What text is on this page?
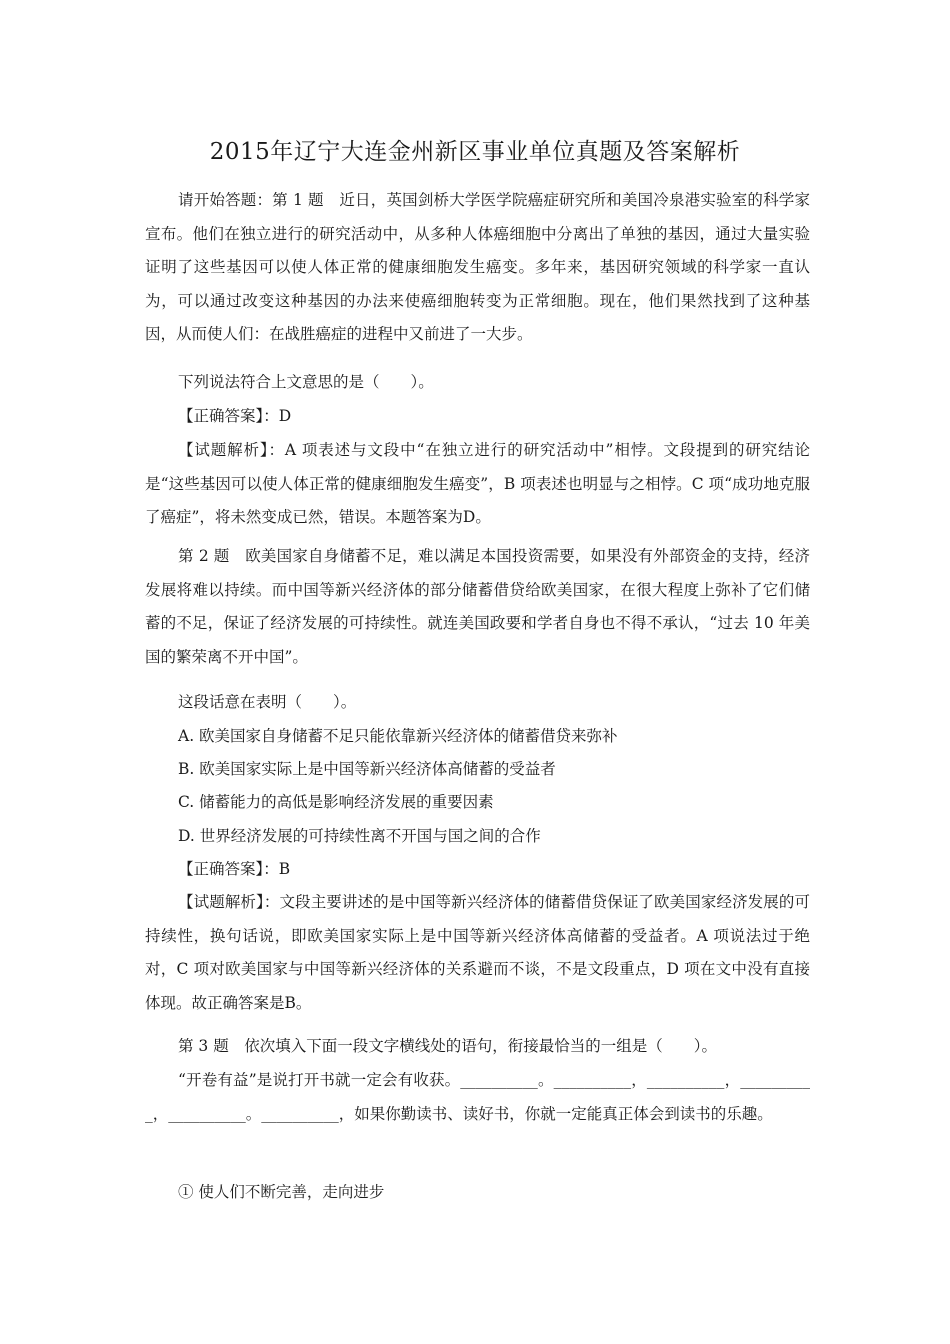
2015年辽宁大连金州新区事业单位真题及答案解析

请开始答题：第 1 题　近日，英国剑桥大学医学院癌症研究所和美国冷泉港实验室的科学家宣布。他们在独立进行的研究活动中，从多种人体癌细胞中分离出了单独的基因，通过大量实验证明了这些基因可以使人体正常的健康细胞发生癌变。多年来，基因研究领域的科学家一直认为，可以通过改变这种基因的办法来使癌细胞转变为正常细胞。现在，他们果然找到了这种基因，从而使人们：在战胜癌症的进程中又前进了一大步。

下列说法符合上文意思的是（　　）。

【正确答案】：D

【试题解析】：A 项表述与文段中“在独立进行的研究活动中”相悖。文段提到的研究结论是“这些基因可以使人体正常的健康细胞发生癌变”，B 项表述也明显与之相悖。C 项“成功地克服了癌症”，将未然变成已然，错误。本题答案为D。

第 2 题　欧美国家自身储蓄不足，难以满足本国投资需要，如果没有外部资金的支持，经济发展将难以持续。而中国等新兴经济体的部分储蓄借贷给欧美国家，在很大程度上弥补了它们储蓄的不足，保证了经济发展的可持续性。就连美国政要和学者自身也不得不承认，“过去 10 年美国的繁荣离不开中国”。

这段话意在表明（　　）。

A. 欧美国家自身储蓄不足只能依靠新兴经济体的储蓄借贷来弥补

B. 欧美国家实际上是中国等新兴经济体高储蓄的受益者

C. 储蓄能力的高低是影响经济发展的重要因素

D. 世界经济发展的可持续性离不开国与国之间的合作

【正确答案】：B

【试题解析】：文段主要讲述的是中国等新兴经济体的储蓄借贷保证了欧美国家经济发展的可持续性，换句话说，即欧美国家实际上是中国等新兴经济体高储蓄的受益者。A 项说法过于绝对，C 项对欧美国家与中国等新兴经济体的关系避而不谈，不是文段重点，D 项在文中没有直接体现。故正确答案是B。

第 3 题　依次填入下面一段文字横线处的语句，衔接最恰当的一组是（　　）。

“开卷有益”是说打开书就一定会有收获。__________。__________，__________，__________，__________。__________，如果你勤读书、读好书，你就一定能真正体会到读书的乐趣。

① 使人们不断完善，走向进步
